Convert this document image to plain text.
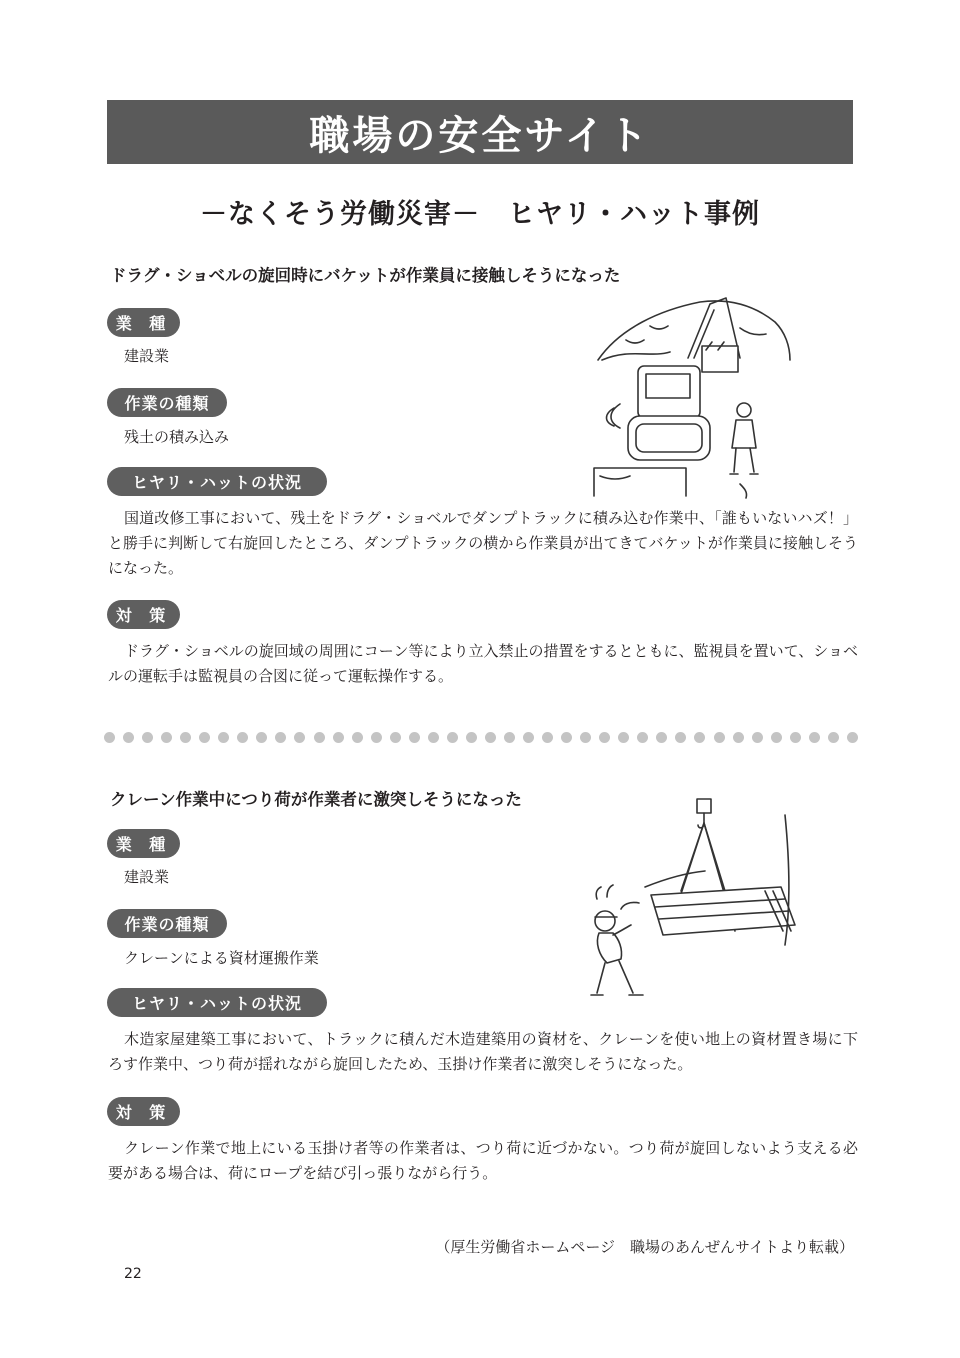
職場の安全サイト
－なくそう労働災害－　ヒヤリ・ハット事例
ドラグ・ショベルの旋回時にバケットが作業員に接触しそうになった
業 種
建設業
作業の種類
残土の積み込み
ヒヤリ・ハットの状況
国道改修工事において、残土をドラグ・ショベルでダンプトラックに積み込む作業中、「誰もいないハズ！」と勝手に判断して右旋回したところ、ダンプトラックの横から作業員が出てきてバケットが作業員に接触しそうになった。
対 策
ドラグ・ショベルの旋回域の周囲にコーン等により立入禁止の措置をするとともに、監視員を置いて、ショベルの運転手は監視員の合図に従って運転操作する。
クレーン作業中につり荷が作業者に激突しそうになった
業 種
建設業
作業の種類
クレーンによる資材運搬作業
ヒヤリ・ハットの状況
木造家屋建築工事において、トラックに積んだ木造建築用の資材を、クレーンを使い地上の資材置き場に下ろす作業中、つり荷が揺れながら旋回したため、玉掛け作業者に激突しそうになった。
対 策
クレーン作業で地上にいる玉掛け者等の作業者は、つり荷に近づかない。つり荷が旋回しないよう支える必要がある場合は、荷にロープを結び引っ張りながら行う。
（厚生労働省ホームページ　職場のあんぜんサイトより転載）
22
